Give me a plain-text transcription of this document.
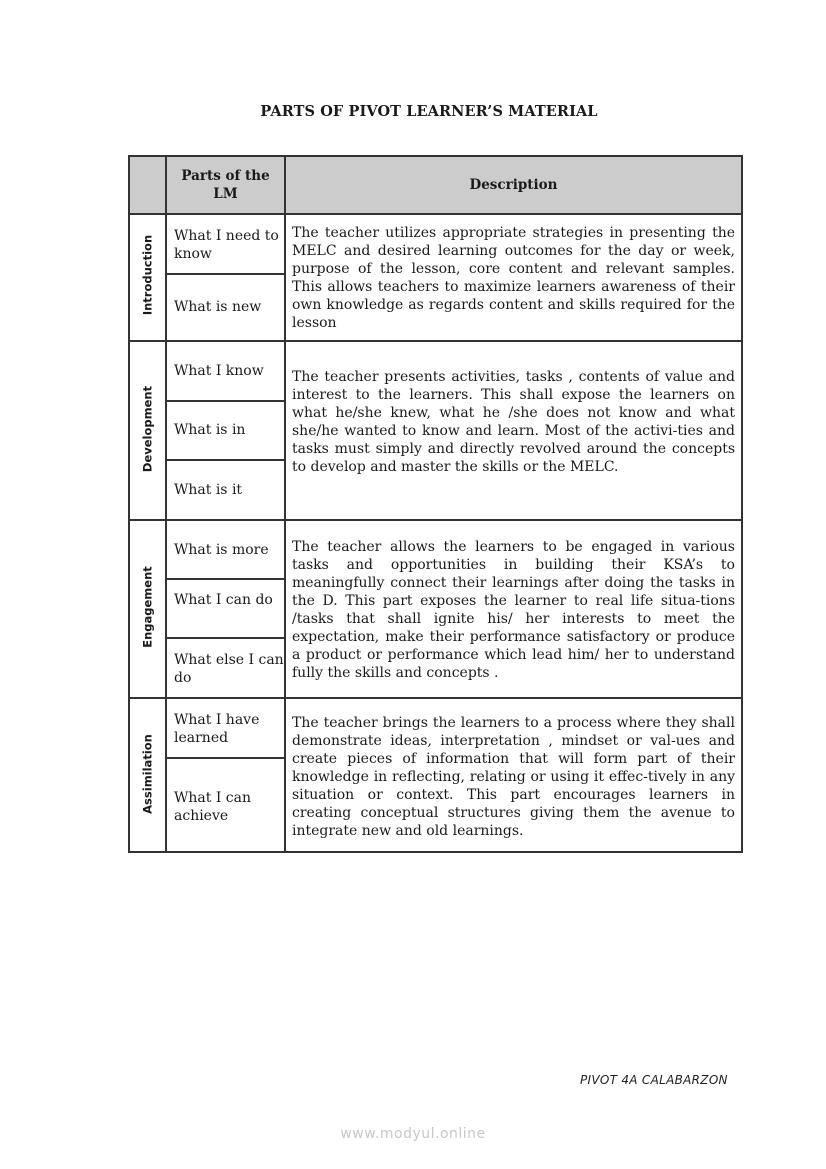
PARTS OF PIVOT LEARNER’S MATERIAL
Parts of the
LM
Description
Introduction What I need to know
What is new
The teacher utilizes appropriate strategies in presenting the MELC and desired learning outcomes for the day or week, purpose of the lesson, core content and relevant samples. This allows teachers to maximize learners awareness of their own knowledge as regards content and skills required for the lesson
Development
What I know
What is in
What is it
The teacher presents activities, tasks , contents of value and interest to the learners. This shall expose the learners on what he/she knew, what he /she does not know and what she/he wanted to know and learn. Most of the activi-ties and tasks must simply and directly revolved around the concepts to develop and master the skills or the MELC.
Engagement
What is more
What I can do
What else I can do
The teacher allows the learners to be engaged in various tasks and opportunities in building their KSA’s to meaningfully connect their learnings after doing the tasks in the D. This part exposes the learner to real life situa-tions /tasks that shall ignite his/ her interests to meet the expectation, make their performance satisfactory or produce a product or performance which lead him/ her to understand fully the skills and concepts .
Assimilation
What I have learned
What I can achieve
The teacher brings the learners to a process where they shall demonstrate ideas, interpretation , mindset or val-ues and create pieces of information that will form part of their knowledge in reflecting, relating or using it effec-tively in any situation or context. This part encourages learners in creating conceptual structures giving them the avenue to integrate new and old learnings.
PIVOT 4A CALABARZON
www.modyul.online
